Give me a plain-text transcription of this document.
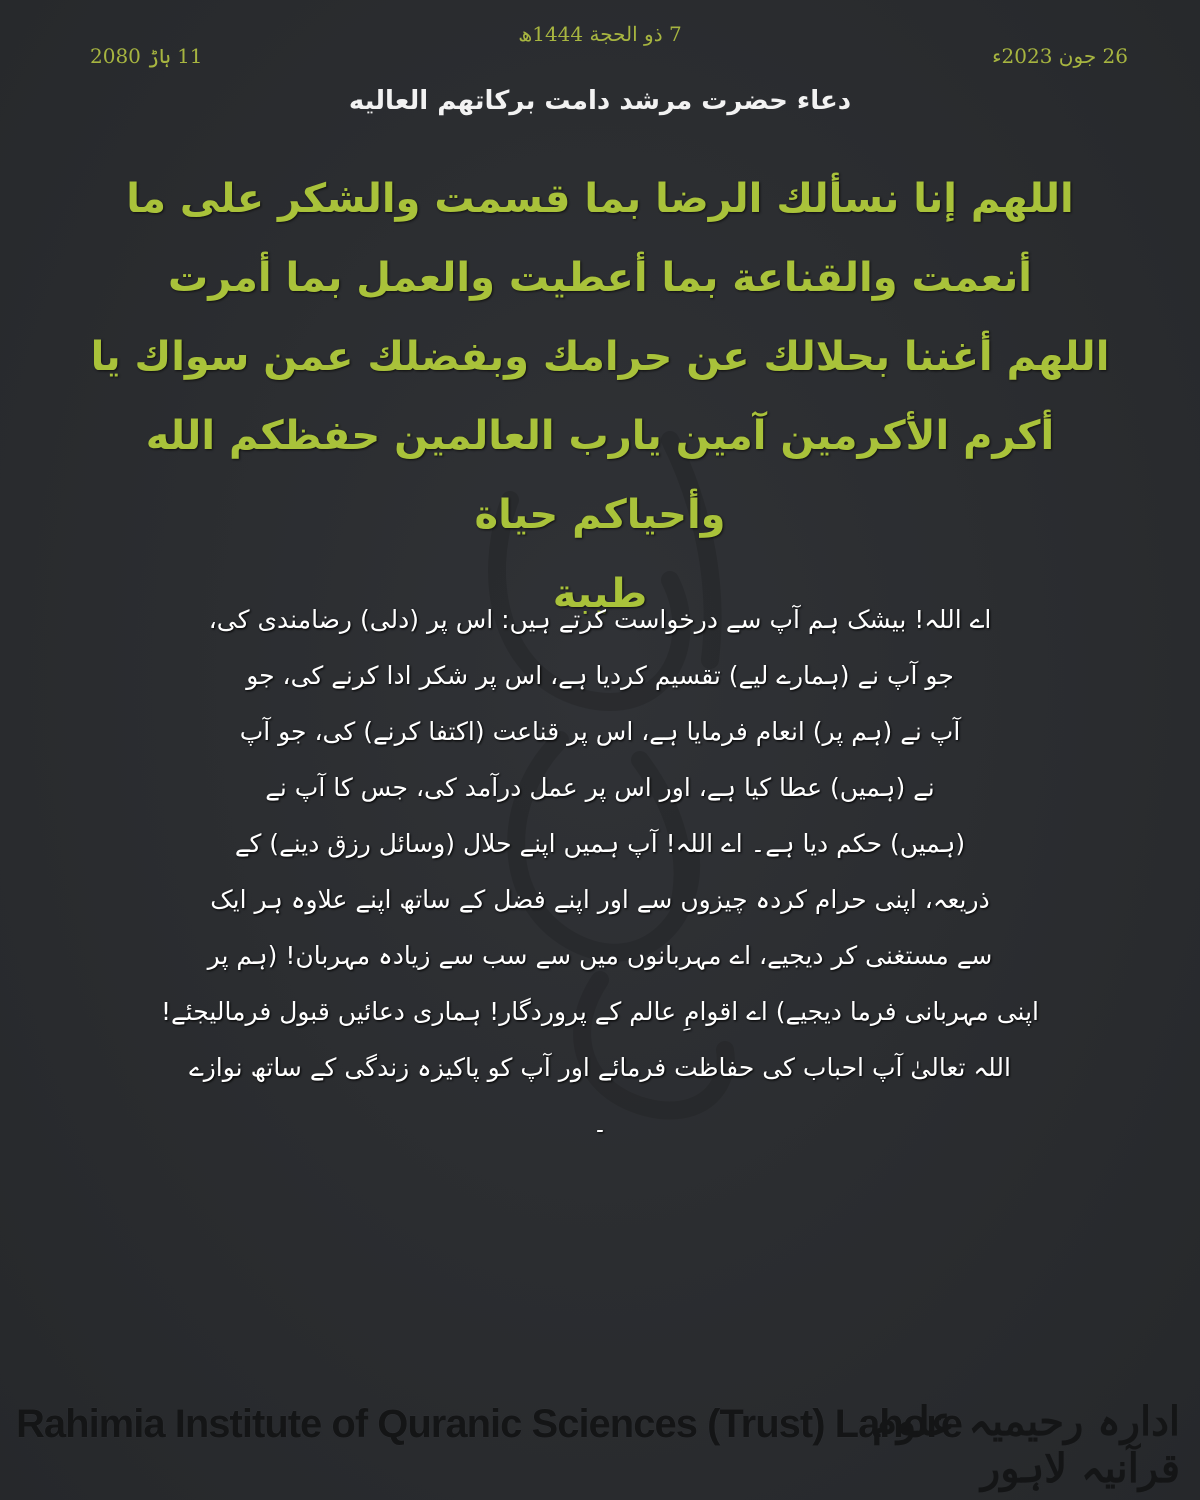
7 ذو الحجة 1444ھ
11 ہاڑ 2080	26 جون 2023ء
دعاء حضرت مرشد دامت برکاتهم العالیه
اللهم إنا نسألك الرضا بما قسمت والشكر على ما
أنعمت والقناعة بما أعطيت والعمل بما أمرت
اللهم أغننا بحلالك عن حرامك وبفضلك عمن سواك يا
أكرم الأكرمين آمين يارب العالمين حفظكم الله وأحياكم حياة
طيبة
اے اللہ! بیشک ہم آپ سے درخواست کرتے ہیں: اس پر (دلی) رضامندی کی،
جو آپ نے (ہمارے لیے) تقسیم کردیا ہے، اس پر شکر ادا کرنے کی، جو
آپ نے (ہم پر) انعام فرمایا ہے، اس پر قناعت (اکتفا کرنے) کی، جو آپ
نے (ہمیں) عطا کیا ہے، اور اس پر عمل درآمد کی، جس کا آپ نے
(ہمیں) حکم دیا ہے۔ اے اللہ! آپ ہمیں اپنے حلال (وسائل رزق دینے) کے
ذریعہ، اپنی حرام کردہ چیزوں سے اور اپنے فضل کے ساتھ اپنے علاوہ ہر ایک
سے مستغنی کر دیجیے، اے مہربانوں میں سے سب سے زیادہ مہربان! (ہم پر
اپنی مہربانی فرما دیجیے) اے اقوامِ عالم کے پروردگار! ہماری دعائیں قبول فرمالیجئے!
اللہ تعالیٰ آپ احباب کی حفاظت فرمائے اور آپ کو پاکیزہ زندگی کے ساتھ نوازے
۔
Rahimia Institute of Quranic Sciences (Trust) Lahore
ادارہ رحیمیہ علوم قرآنیہ لاہور
